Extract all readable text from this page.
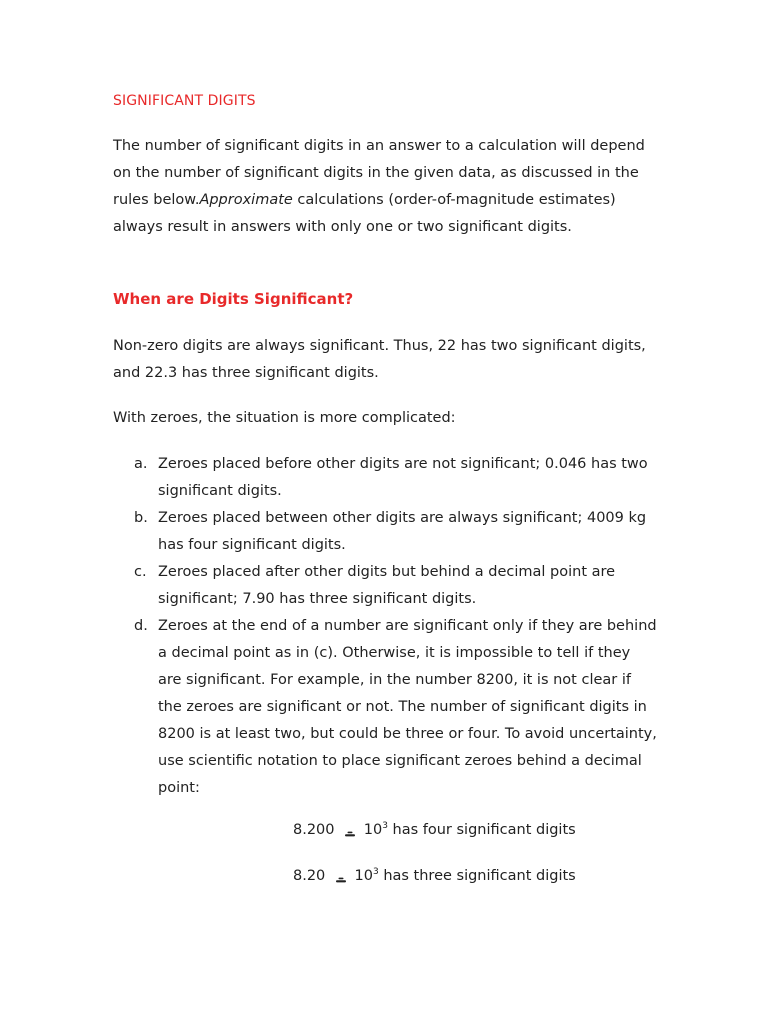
SIGNIFICANT DIGITS

The number of significant digits in an answer to a calculation will depend on the number of significant digits in the given data, as discussed in the rules below.Approximate calculations (order-of-magnitude estimates) always result in answers with only one or two significant digits.

When are Digits Significant?

Non-zero digits are always significant. Thus, 22 has two significant digits, and 22.3 has three significant digits.

With zeroes, the situation is more complicated:

a. Zeroes placed before other digits are not significant; 0.046 has two significant digits.
b. Zeroes placed between other digits are always significant; 4009 kg has four significant digits.
c. Zeroes placed after other digits but behind a decimal point are significant; 7.90 has three significant digits.
d. Zeroes at the end of a number are significant only if they are behind a decimal point as in (c). Otherwise, it is impossible to tell if they are significant. For example, in the number 8200, it is not clear if the zeroes are significant or not. The number of significant digits in 8200 is at least two, but could be three or four. To avoid uncertainty, use scientific notation to place significant zeroes behind a decimal point:
8.200 $10^3$ has four significant digits
8.20 $10^3$ has three significant digits
